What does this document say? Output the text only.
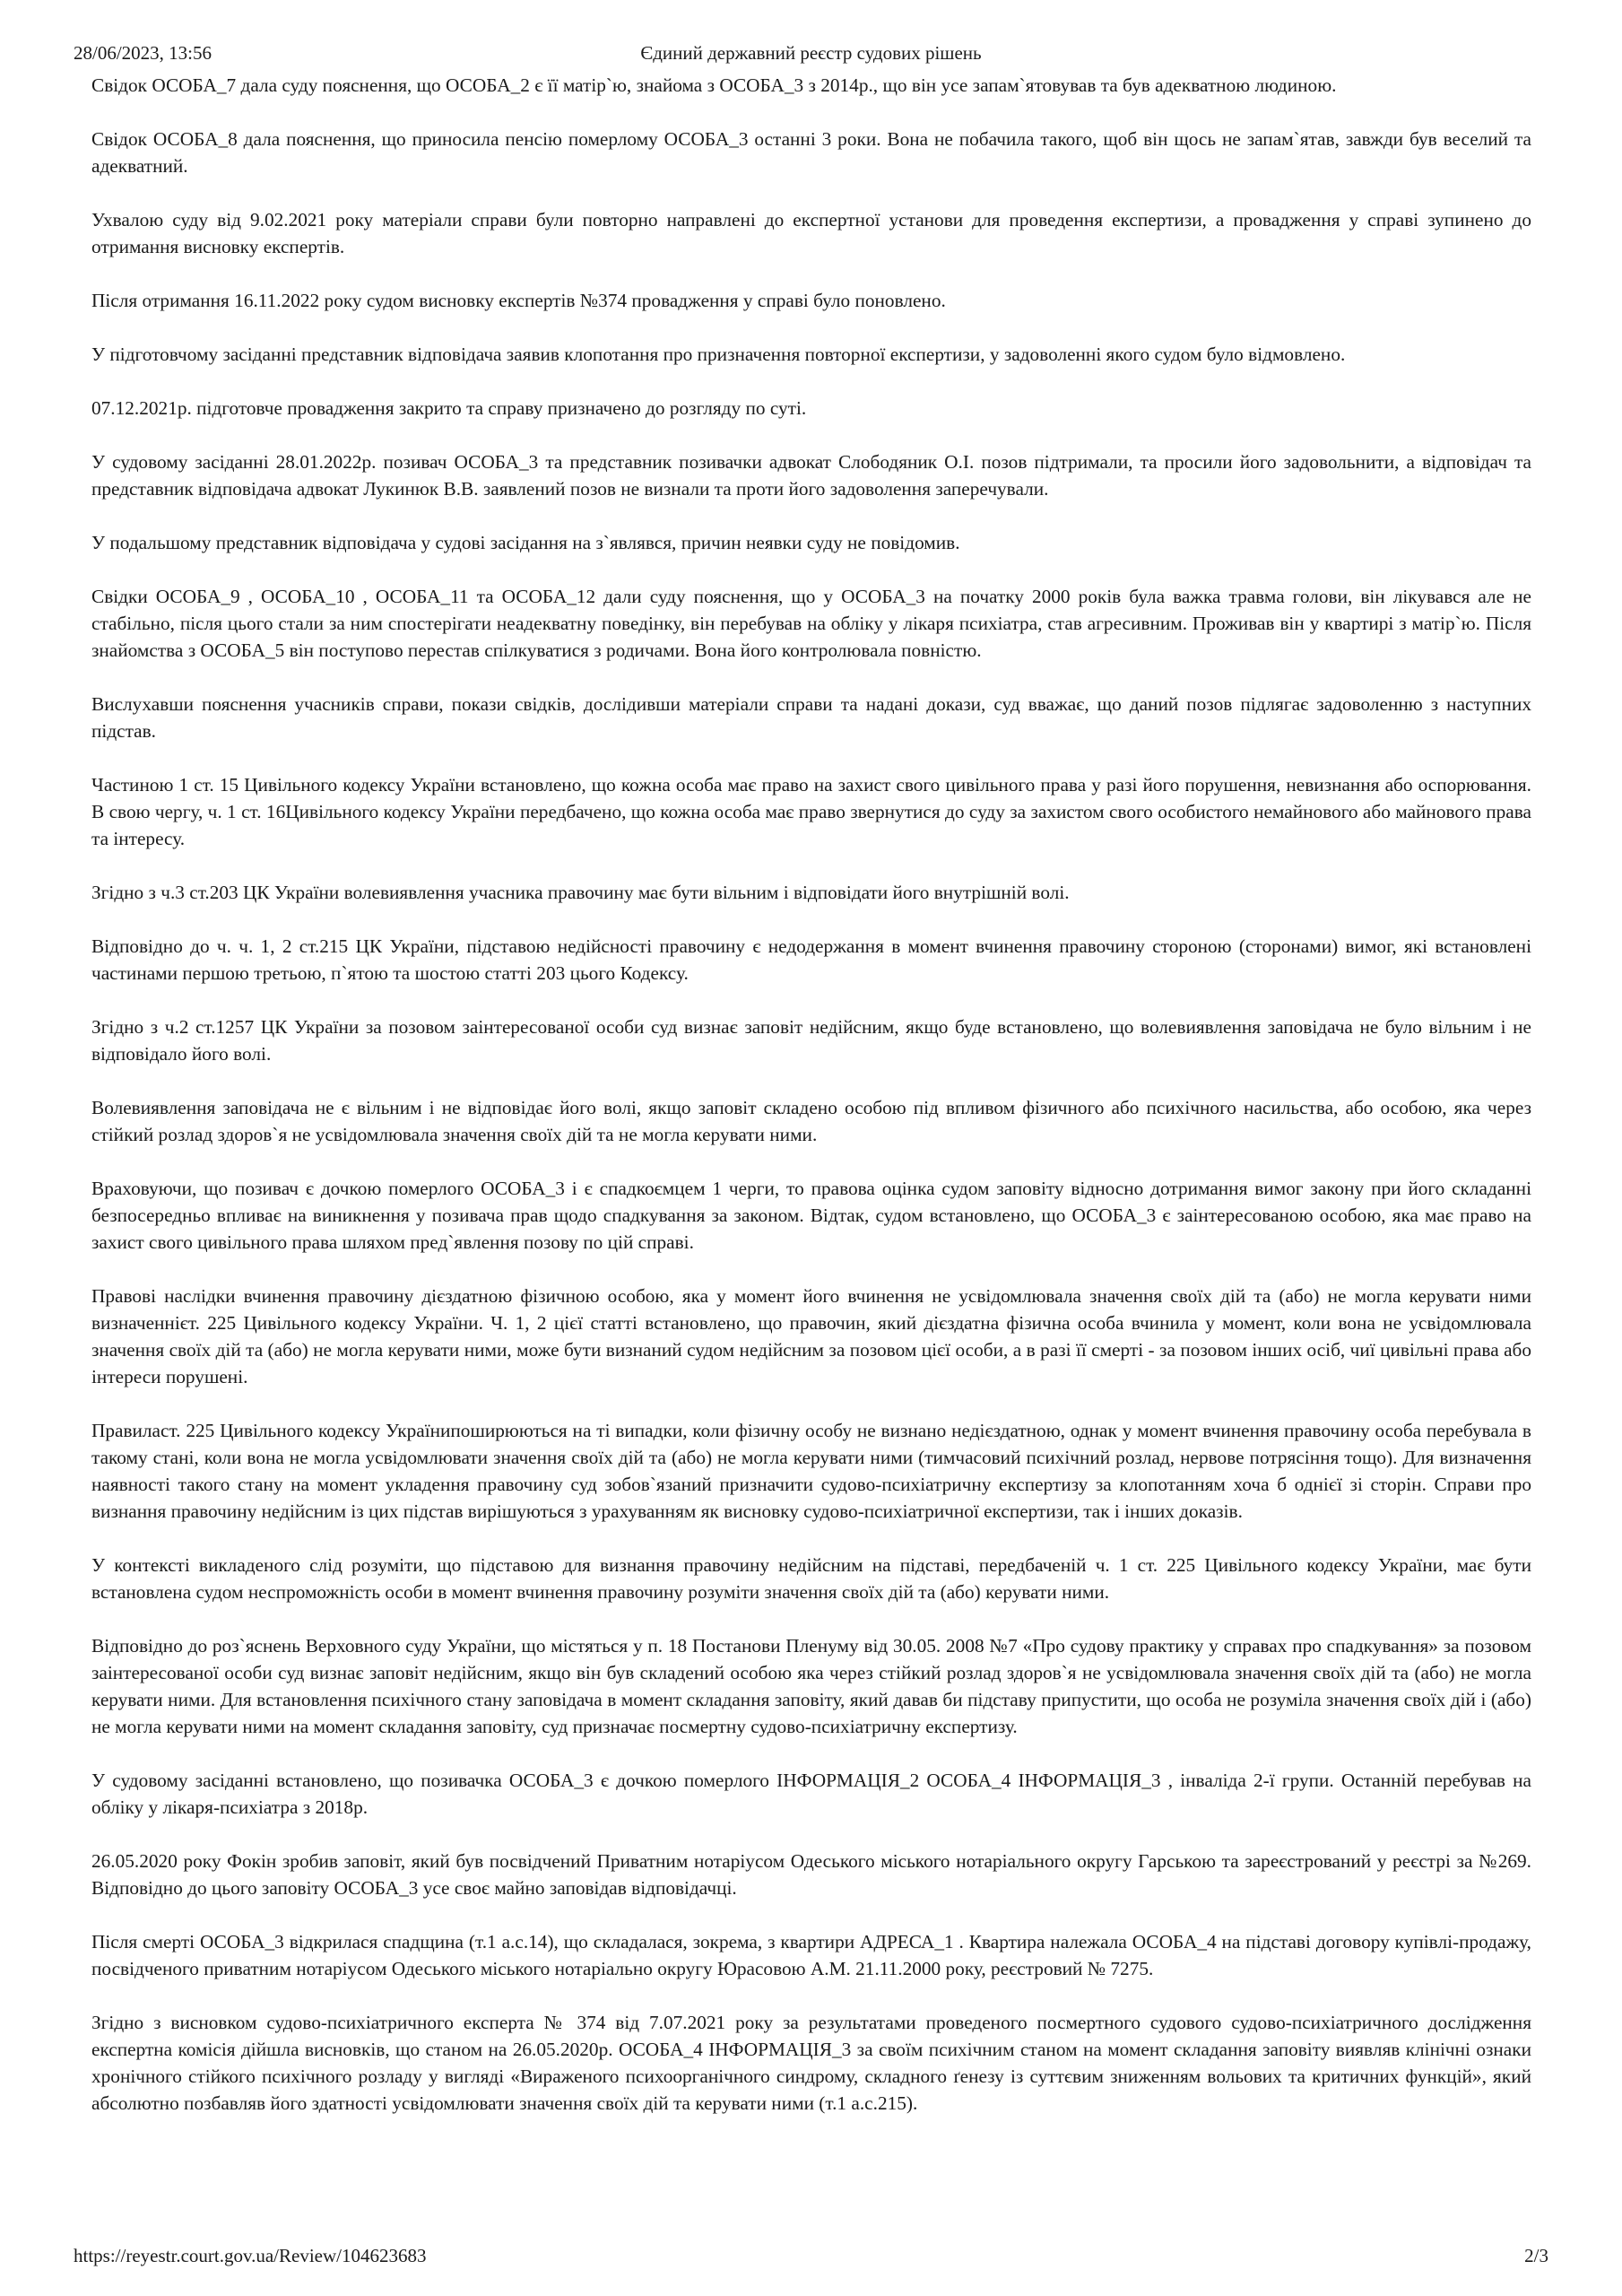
28/06/2023, 13:56	Єдиний державний реєстр судових рішень

Свідок ОСОБА_7 дала суду пояснення, що ОСОБА_2 є її матір`ю, знайома з ОСОБА_3 з 2014р., що він усе запам`ятовував та був адекватною людиною.

Свідок ОСОБА_8 дала пояснення, що приносила пенсію померлому ОСОБА_3 останні 3 роки. Вона не побачила такого, щоб він щось не запам`ятав, завжди був веселий та адекватний.

Ухвалою суду від 9.02.2021 року матеріали справи були повторно направлені до експертної установи для проведення експертизи, а провадження у справі зупинено до отримання висновку експертів.

Після отримання 16.11.2022 року судом висновку експертів №374 провадження у справі було поновлено.

У підготовчому засіданні представник відповідача заявив клопотання про призначення повторної експертизи, у задоволенні якого судом було відмовлено.

07.12.2021р. підготовче провадження закрито та справу призначено до розгляду по суті.

У судовому засіданні 28.01.2022р. позивач ОСОБА_3 та представник позивачки адвокат Слободяник О.І. позов підтримали, та просили його задовольнити, а відповідач та представник відповідача адвокат Лукинюк В.В. заявлений позов не визнали та проти його задоволення заперечували.

У подальшому представник відповідача у судові засідання на з`являвся, причин неявки суду не повідомив.

Свідки ОСОБА_9 , ОСОБА_10 , ОСОБА_11 та ОСОБА_12 дали суду пояснення, що у ОСОБА_3 на початку 2000 років була важка травма голови, він лікувався але не стабільно, після цього стали за ним спостерігати неадекватну поведінку, він перебував на обліку у лікаря психіатра, став агресивним. Проживав він у квартирі з матір`ю. Після знайомства з ОСОБА_5 він поступово перестав спілкуватися з родичами. Вона його контролювала повністю.

Вислухавши пояснення учасників справи, покази свідків, дослідивши матеріали справи та надані докази, суд вважає, що даний позов підлягає задоволенню з наступних підстав.

Частиною 1 ст. 15 Цивільного кодексу України встановлено, що кожна особа має право на захист свого цивільного права у разі його порушення, невизнання або оспорювання. В свою чергу, ч. 1 ст. 16Цивільного кодексу України передбачено, що кожна особа має право звернутися до суду за захистом свого особистого немайнового або майнового права та інтересу.

Згідно з ч.3 ст.203 ЦК України волевиявлення учасника правочину має бути вільним і відповідати його внутрішній волі.

Відповідно до ч. ч. 1, 2 ст.215 ЦК України, підставою недійсності правочину є недодержання в момент вчинення правочину стороною (сторонами) вимог, які встановлені частинами першою третьою, п`ятою та шостою статті 203 цього Кодексу.

Згідно з ч.2 ст.1257 ЦК України за позовом заінтересованої особи суд визнає заповіт недійсним, якщо буде встановлено, що волевиявлення заповідача не було вільним і не відповідало його волі.

Волевиявлення заповідача не є вільним і не відповідає його волі, якщо заповіт складено особою під впливом фізичного або психічного насильства, або особою, яка через стійкий розлад здоров`я не усвідомлювала значення своїх дій та не могла керувати ними.

Враховуючи, що позивач є дочкою померлого ОСОБА_3 і є спадкоємцем 1 черги, то правова оцінка судом заповіту відносно дотримання вимог закону при його складанні безпосередньо впливає на виникнення у позивача прав щодо спадкування за законом. Відтак, судом встановлено, що ОСОБА_3 є заінтересованою особою, яка має право на захист свого цивільного права шляхом пред`явлення позову по цій справі.

Правові наслідки вчинення правочину дієздатною фізичною особою, яка у момент його вчинення не усвідомлювала значення своїх дій та (або) не могла керувати ними визначеннієт. 225 Цивільного кодексу України. Ч. 1, 2 цієї статті встановлено, що правочин, який дієздатна фізична особа вчинила у момент, коли вона не усвідомлювала значення своїх дій та (або) не могла керувати ними, може бути визнаний судом недійсним за позовом цієї особи, а в разі її смерті - за позовом інших осіб, чиї цивільні права або інтереси порушені.

Правиласт. 225 Цивільного кодексу Українипоширюються на ті випадки, коли фізичну особу не визнано недієздатною, однак у момент вчинення правочину особа перебувала в такому стані, коли вона не могла усвідомлювати значення своїх дій та (або) не могла керувати ними (тимчасовий психічний розлад, нервове потрясіння тощо). Для визначення наявності такого стану на момент укладення правочину суд зобов`язаний призначити судово-психіатричну експертизу за клопотанням хоча б однієї зі сторін. Справи про визнання правочину недійсним із цих підстав вирішуються з урахуванням як висновку судово-психіатричної експертизи, так і інших доказів.

У контексті викладеного слід розуміти, що підставою для визнання правочину недійсним на підставі, передбаченій ч. 1 ст. 225 Цивільного кодексу України, має бути встановлена судом неспроможність особи в момент вчинення правочину розуміти значення своїх дій та (або) керувати ними.

Відповідно до роз`яснень Верховного суду України, що містяться у п. 18 Постанови Пленуму від 30.05. 2008 №7 «Про судову практику у справах про спадкування» за позовом заінтересованої особи суд визнає заповіт недійсним, якщо він був складений особою яка через стійкий розлад здоров`я не усвідомлювала значення своїх дій та (або) не могла керувати ними. Для встановлення психічного стану заповідача в момент складання заповіту, який давав би підставу припустити, що особа не розуміла значення своїх дій і (або) не могла керувати ними на момент складання заповіту, суд призначає посмертну судово-психіатричну експертизу.

У судовому засіданні встановлено, що позивачка ОСОБА_3 є дочкою померлого ІНФОРМАЦІЯ_2 ОСОБА_4 ІНФОРМАЦІЯ_3 , інваліда 2-ї групи. Останній перебував на обліку у лікаря-психіатра з 2018р.

26.05.2020 року Фокін зробив заповіт, який був посвідчений Приватним нотаріусом Одеського міського нотаріального округу Гарською та зареєстрований у реєстрі за №269. Відповідно до цього заповіту ОСОБА_3 усе своє майно заповідав відповідачці.

Після смерті ОСОБА_3 відкрилася спадщина (т.1 а.с.14), що складалася, зокрема, з квартири АДРЕСА_1 . Квартира належала ОСОБА_4 на підставі договору купівлі-продажу, посвідченого приватним нотаріусом Одеського міського нотаріально округу Юрасовою А.М. 21.11.2000 року, реєстровий № 7275.

Згідно з висновком судово-психіатричного експерта № 374 від 7.07.2021 року за результатами проведеного посмертного судового судово-психіатричного дослідження експертна комісія дійшла висновків, що станом на 26.05.2020р. ОСОБА_4 ІНФОРМАЦІЯ_3 за своїм психічним станом на момент складання заповіту виявляв клінічні ознаки хронічного стійкого психічного розладу у вигляді «Вираженого психоорганічного синдрому, складного ґенезу із суттєвим зниженням вольових та критичних функцій», який абсолютно позбавляв його здатності усвідомлювати значення своїх дій та керувати ними (т.1 а.с.215).

https://reyestr.court.gov.ua/Review/104623683	2/3
